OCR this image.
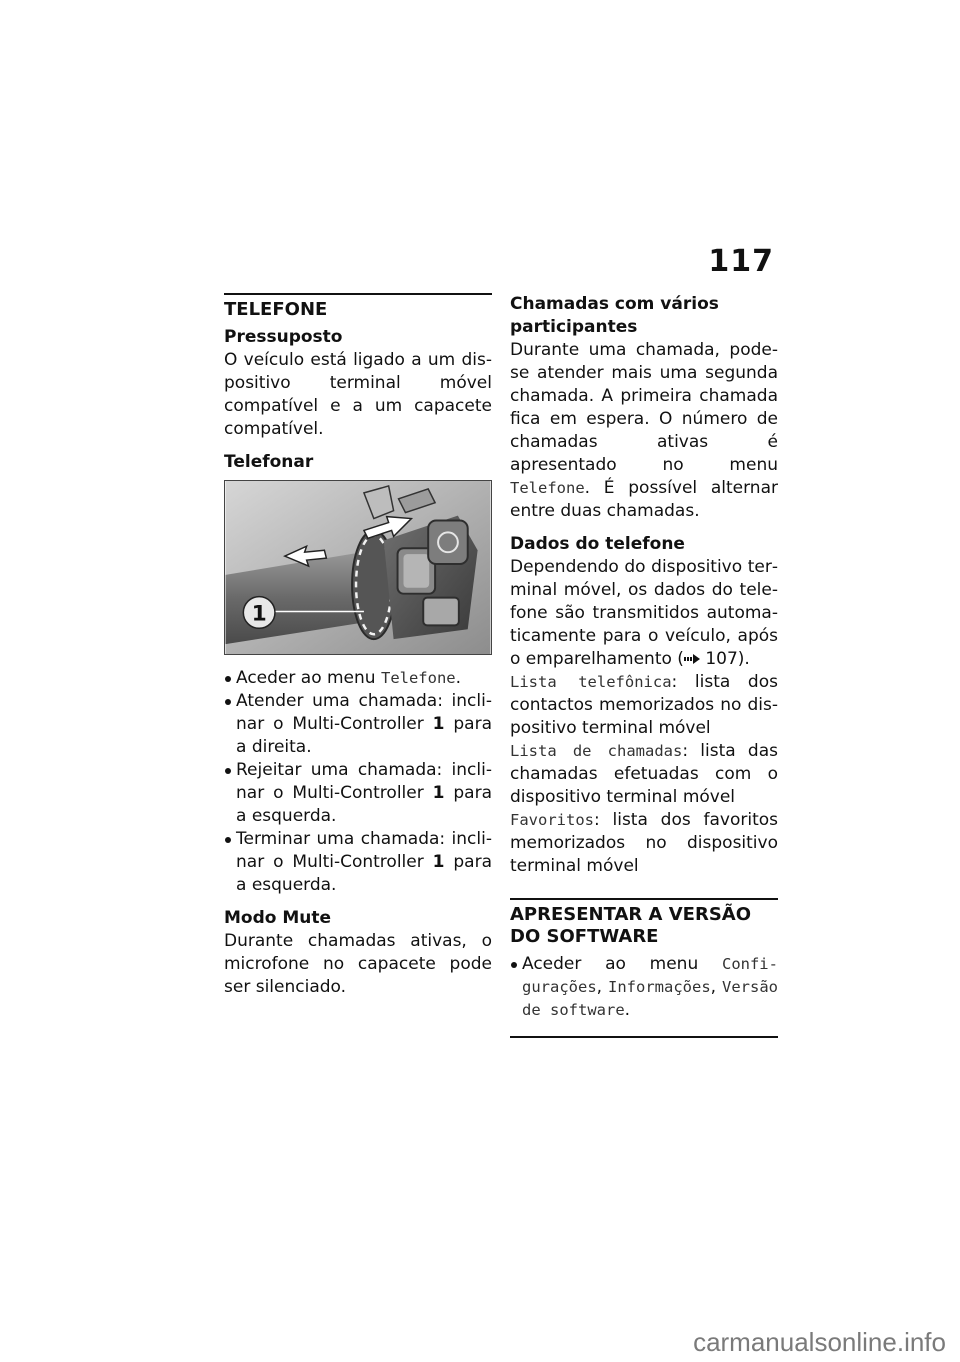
117
TELEFONE
Pressuposto

O veículo está ligado a um dispositivo terminal móvel compatível e a um capacete compatível.

Telefonar
1
Aceder ao menu Telefone.
Atender uma chamada: inclinar o Multi-Controller 1 para a direita.
Rejeitar uma chamada: inclinar o Multi-Controller 1 para a esquerda.
Terminar uma chamada: inclinar o Multi-Controller 1 para a esquerda.
Modo Mute

Durante chamadas ativas, o microfone no capacete pode ser silenciado.

Chamadas com vários participantes

Durante uma chamada, pode-se atender mais uma segunda chamada. A primeira chamada fica em espera. O número de chamadas ativas é apresentado no menu Telefone. É possível alternar entre duas chamadas.

Dados do telefone

Dependendo do dispositivo terminal móvel, os dados do telefone são transmitidos automaticamente para o veículo, após o emparelhamento ( 107).

Lista telefônica: lista dos contactos memorizados no dispositivo terminal móvel

Lista de chamadas: lista das chamadas efetuadas com o dispositivo terminal móvel

Favoritos: lista dos favoritos memorizados no dispositivo terminal móvel

APRESENTAR A VERSÃO DO SOFTWARE
Aceder ao menu Configurações, Informações, Versão de software.
carmanualsonline.info
